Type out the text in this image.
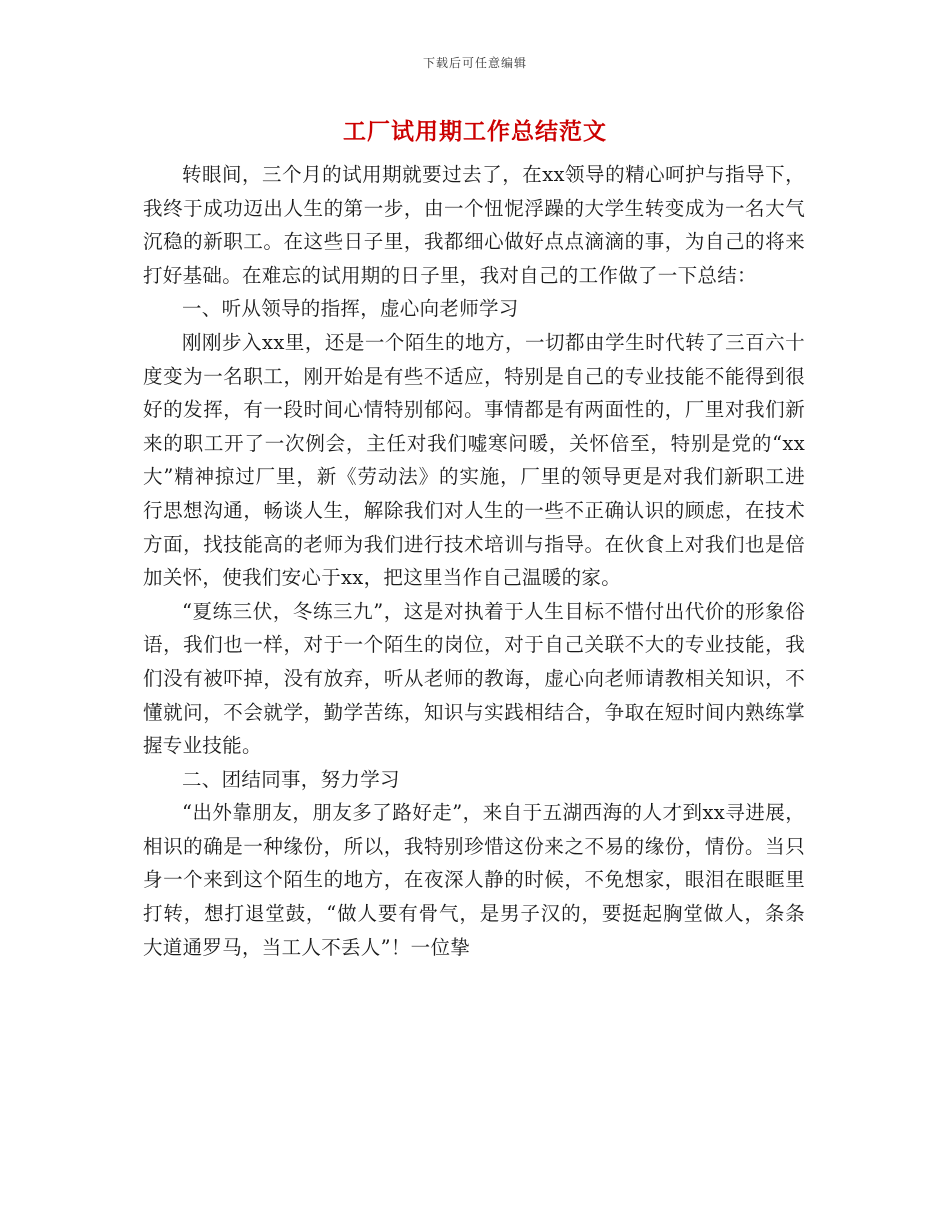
下载后可任意编辑
工厂试用期工作总结范文

转眼间，三个月的试用期就要过去了，在xx领导的精心呵护与指导下，我终于成功迈出人生的第一步，由一个忸怩浮躁的大学生转变成为一名大气沉稳的新职工。在这些日子里，我都细心做好点点滴滴的事，为自己的将来打好基础。在难忘的试用期的日子里，我对自己的工作做了一下总结：

一、听从领导的指挥，虚心向老师学习

刚刚步入xx里，还是一个陌生的地方，一切都由学生时代转了三百六十度变为一名职工，刚开始是有些不适应，特别是自己的专业技能不能得到很好的发挥，有一段时间心情特别郁闷。事情都是有两面性的，厂里对我们新来的职工开了一次例会，主任对我们嘘寒问暖，关怀倍至，特别是党的“xx大”精神掠过厂里，新《劳动法》的实施，厂里的领导更是对我们新职工进行思想沟通，畅谈人生，解除我们对人生的一些不正确认识的顾虑，在技术方面，找技能高的老师为我们进行技术培训与指导。在伙食上对我们也是倍加关怀，使我们安心于xx，把这里当作自己温暖的家。

“夏练三伏，冬练三九”，这是对执着于人生目标不惜付出代价的形象俗语，我们也一样，对于一个陌生的岗位，对于自己关联不大的专业技能，我们没有被吓掉，没有放弃，听从老师的教诲，虚心向老师请教相关知识，不懂就问，不会就学，勤学苦练，知识与实践相结合，争取在短时间内熟练掌握专业技能。

二、团结同事，努力学习

“出外靠朋友，朋友多了路好走”，来自于五湖西海的人才到xx寻进展，相识的确是一种缘份，所以，我特别珍惜这份来之不易的缘份，情份。当只身一个来到这个陌生的地方，在夜深人静的时候，不免想家，眼泪在眼眶里打转，想打退堂鼓，“做人要有骨气，是男子汉的，要挺起胸堂做人，条条大道通罗马，当工人不丢人”！一位挚
